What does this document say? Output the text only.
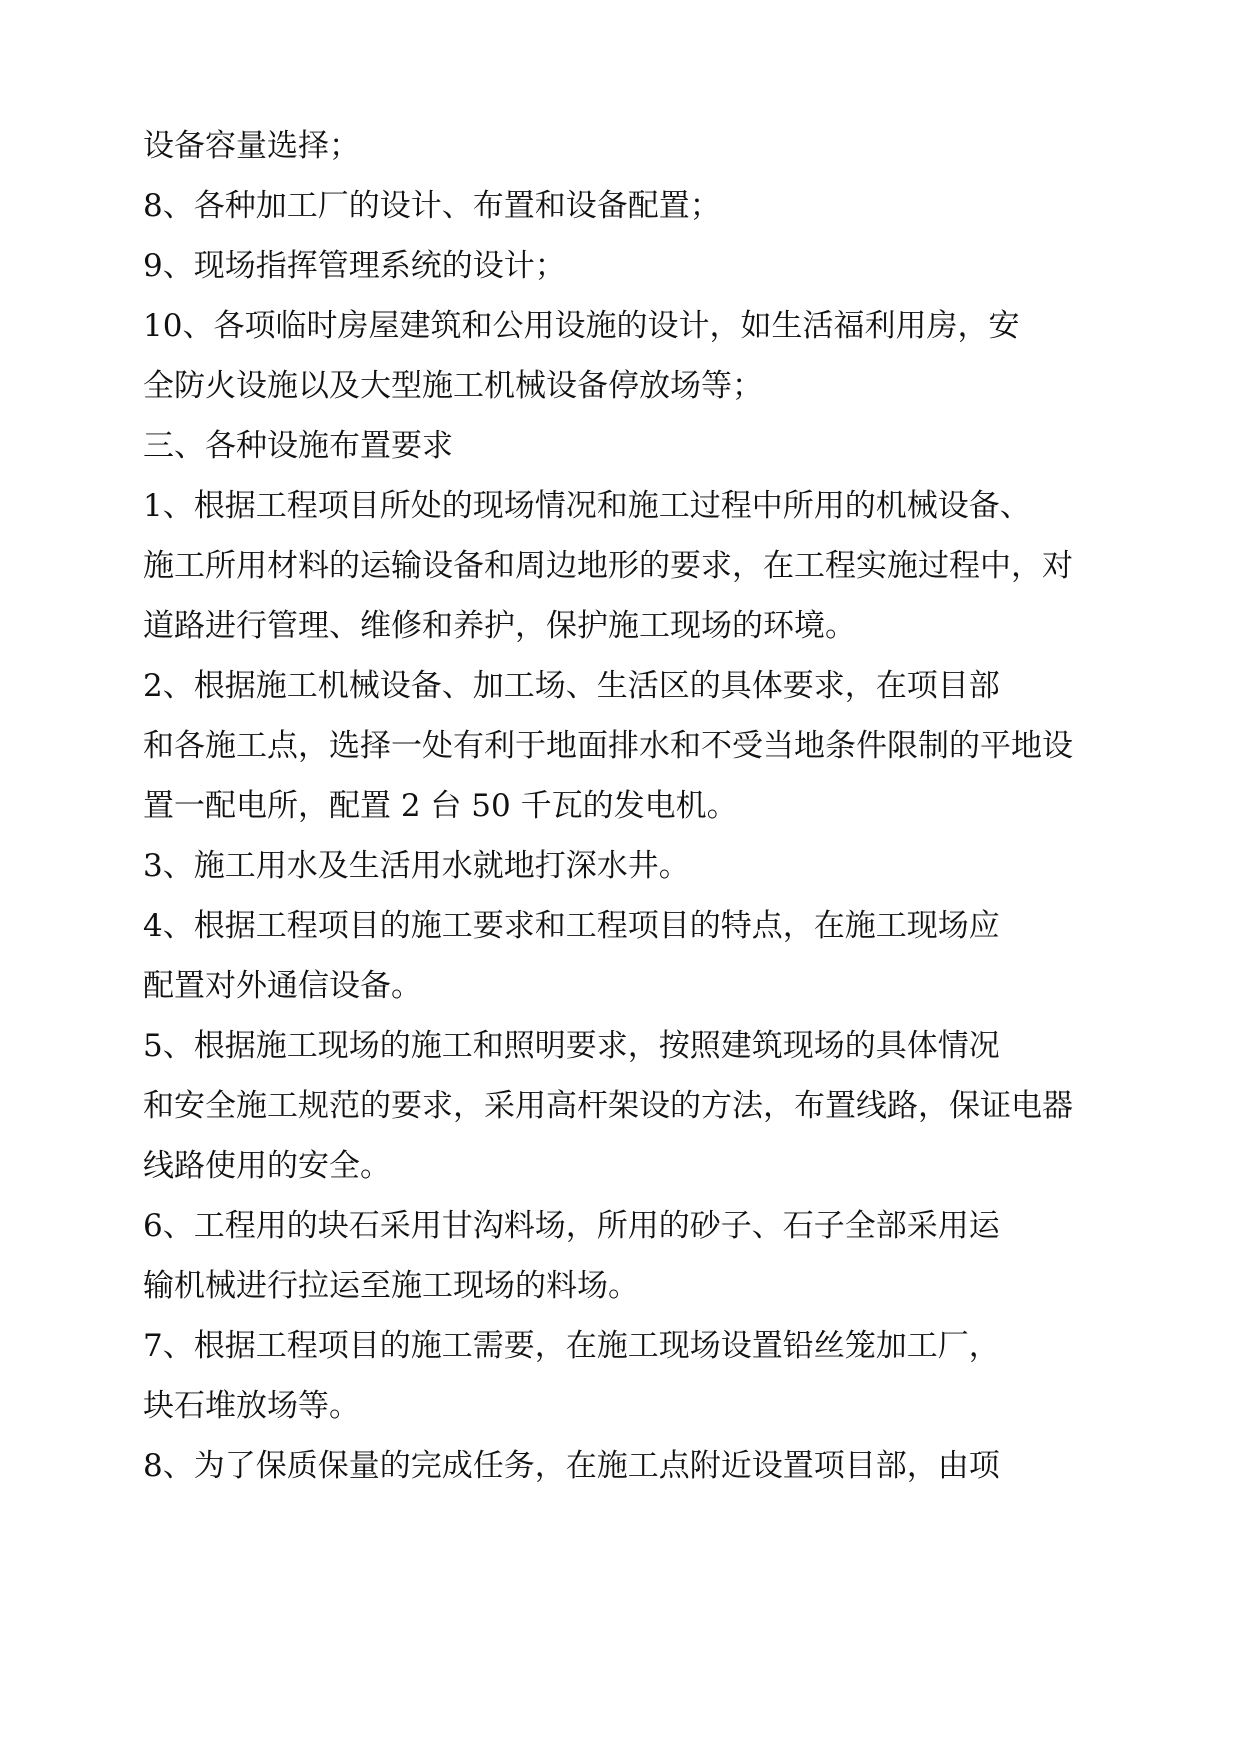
设备容量选择；
8、各种加工厂的设计、布置和设备配置；
9、现场指挥管理系统的设计；
10、各项临时房屋建筑和公用设施的设计，如生活福利用房，安
全防火设施以及大型施工机械设备停放场等；
三、各种设施布置要求
1、根据工程项目所处的现场情况和施工过程中所用的机械设备、
施工所用材料的运输设备和周边地形的要求，在工程实施过程中，对
道路进行管理、维修和养护，保护施工现场的环境。
2、根据施工机械设备、加工场、生活区的具体要求，在项目部
和各施工点，选择一处有利于地面排水和不受当地条件限制的平地设
置一配电所，配置 2 台 50 千瓦的发电机。
3、施工用水及生活用水就地打深水井。
4、根据工程项目的施工要求和工程项目的特点，在施工现场应
配置对外通信设备。
5、根据施工现场的施工和照明要求，按照建筑现场的具体情况
和安全施工规范的要求，采用高杆架设的方法，布置线路，保证电器
线路使用的安全。
6、工程用的块石采用甘沟料场，所用的砂子、石子全部采用运
输机械进行拉运至施工现场的料场。
7、根据工程项目的施工需要，在施工现场设置铅丝笼加工厂，
块石堆放场等。
8、为了保质保量的完成任务，在施工点附近设置项目部，由项
